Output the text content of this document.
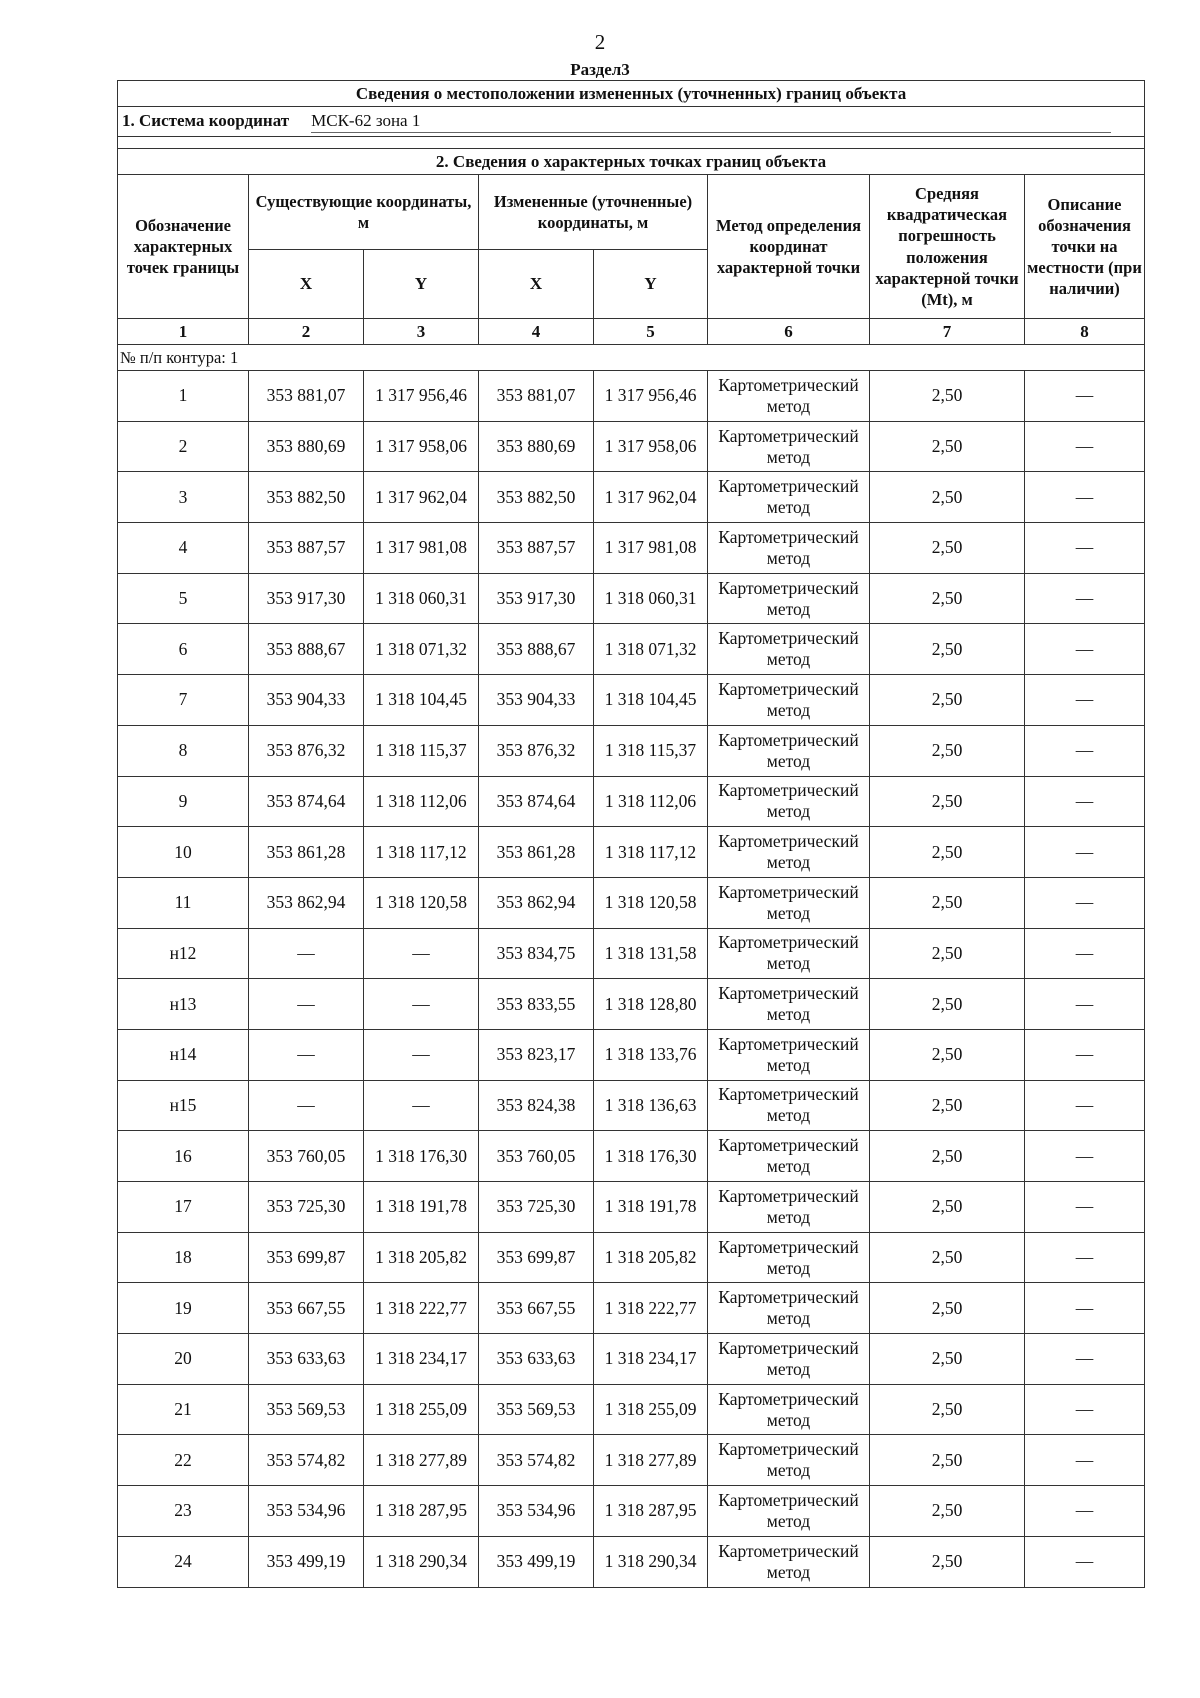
2
Раздел3
Сведения о местоположении измененных (уточненных) границ объекта							
1. Система координат МСК-62 зона 1							

2. Сведения о характерных точках границ объекта							
Обозначение характерных точек границы	Существующие координаты, м		Измененные (уточненные) координаты, м		Метод определения координат характерной точки	Средняя квадратическая погрешность положения характерной точки (Mt), м	Описание обозначения точки на местности (при наличии)
	X	Y	X	Y			
1	2	3	4	5	6	7	8
№ п/п контура: 1							
1	353 881,07	1 317 956,46	353 881,07	1 317 956,46	Картометрический метод	2,50	—
2	353 880,69	1 317 958,06	353 880,69	1 317 958,06	Картометрический метод	2,50	—
3	353 882,50	1 317 962,04	353 882,50	1 317 962,04	Картометрический метод	2,50	—
4	353 887,57	1 317 981,08	353 887,57	1 317 981,08	Картометрический метод	2,50	—
5	353 917,30	1 318 060,31	353 917,30	1 318 060,31	Картометрический метод	2,50	—
6	353 888,67	1 318 071,32	353 888,67	1 318 071,32	Картометрический метод	2,50	—
7	353 904,33	1 318 104,45	353 904,33	1 318 104,45	Картометрический метод	2,50	—
8	353 876,32	1 318 115,37	353 876,32	1 318 115,37	Картометрический метод	2,50	—
9	353 874,64	1 318 112,06	353 874,64	1 318 112,06	Картометрический метод	2,50	—
10	353 861,28	1 318 117,12	353 861,28	1 318 117,12	Картометрический метод	2,50	—
11	353 862,94	1 318 120,58	353 862,94	1 318 120,58	Картометрический метод	2,50	—
н12	—	—	353 834,75	1 318 131,58	Картометрический метод	2,50	—
н13	—	—	353 833,55	1 318 128,80	Картометрический метод	2,50	—
н14	—	—	353 823,17	1 318 133,76	Картометрический метод	2,50	—
н15	—	—	353 824,38	1 318 136,63	Картометрический метод	2,50	—
16	353 760,05	1 318 176,30	353 760,05	1 318 176,30	Картометрический метод	2,50	—
17	353 725,30	1 318 191,78	353 725,30	1 318 191,78	Картометрический метод	2,50	—
18	353 699,87	1 318 205,82	353 699,87	1 318 205,82	Картометрический метод	2,50	—
19	353 667,55	1 318 222,77	353 667,55	1 318 222,77	Картометрический метод	2,50	—
20	353 633,63	1 318 234,17	353 633,63	1 318 234,17	Картометрический метод	2,50	—
21	353 569,53	1 318 255,09	353 569,53	1 318 255,09	Картометрический метод	2,50	—
22	353 574,82	1 318 277,89	353 574,82	1 318 277,89	Картометрический метод	2,50	—
23	353 534,96	1 318 287,95	353 534,96	1 318 287,95	Картометрический метод	2,50	—
24	353 499,19	1 318 290,34	353 499,19	1 318 290,34	Картометрический метод	2,50	—
